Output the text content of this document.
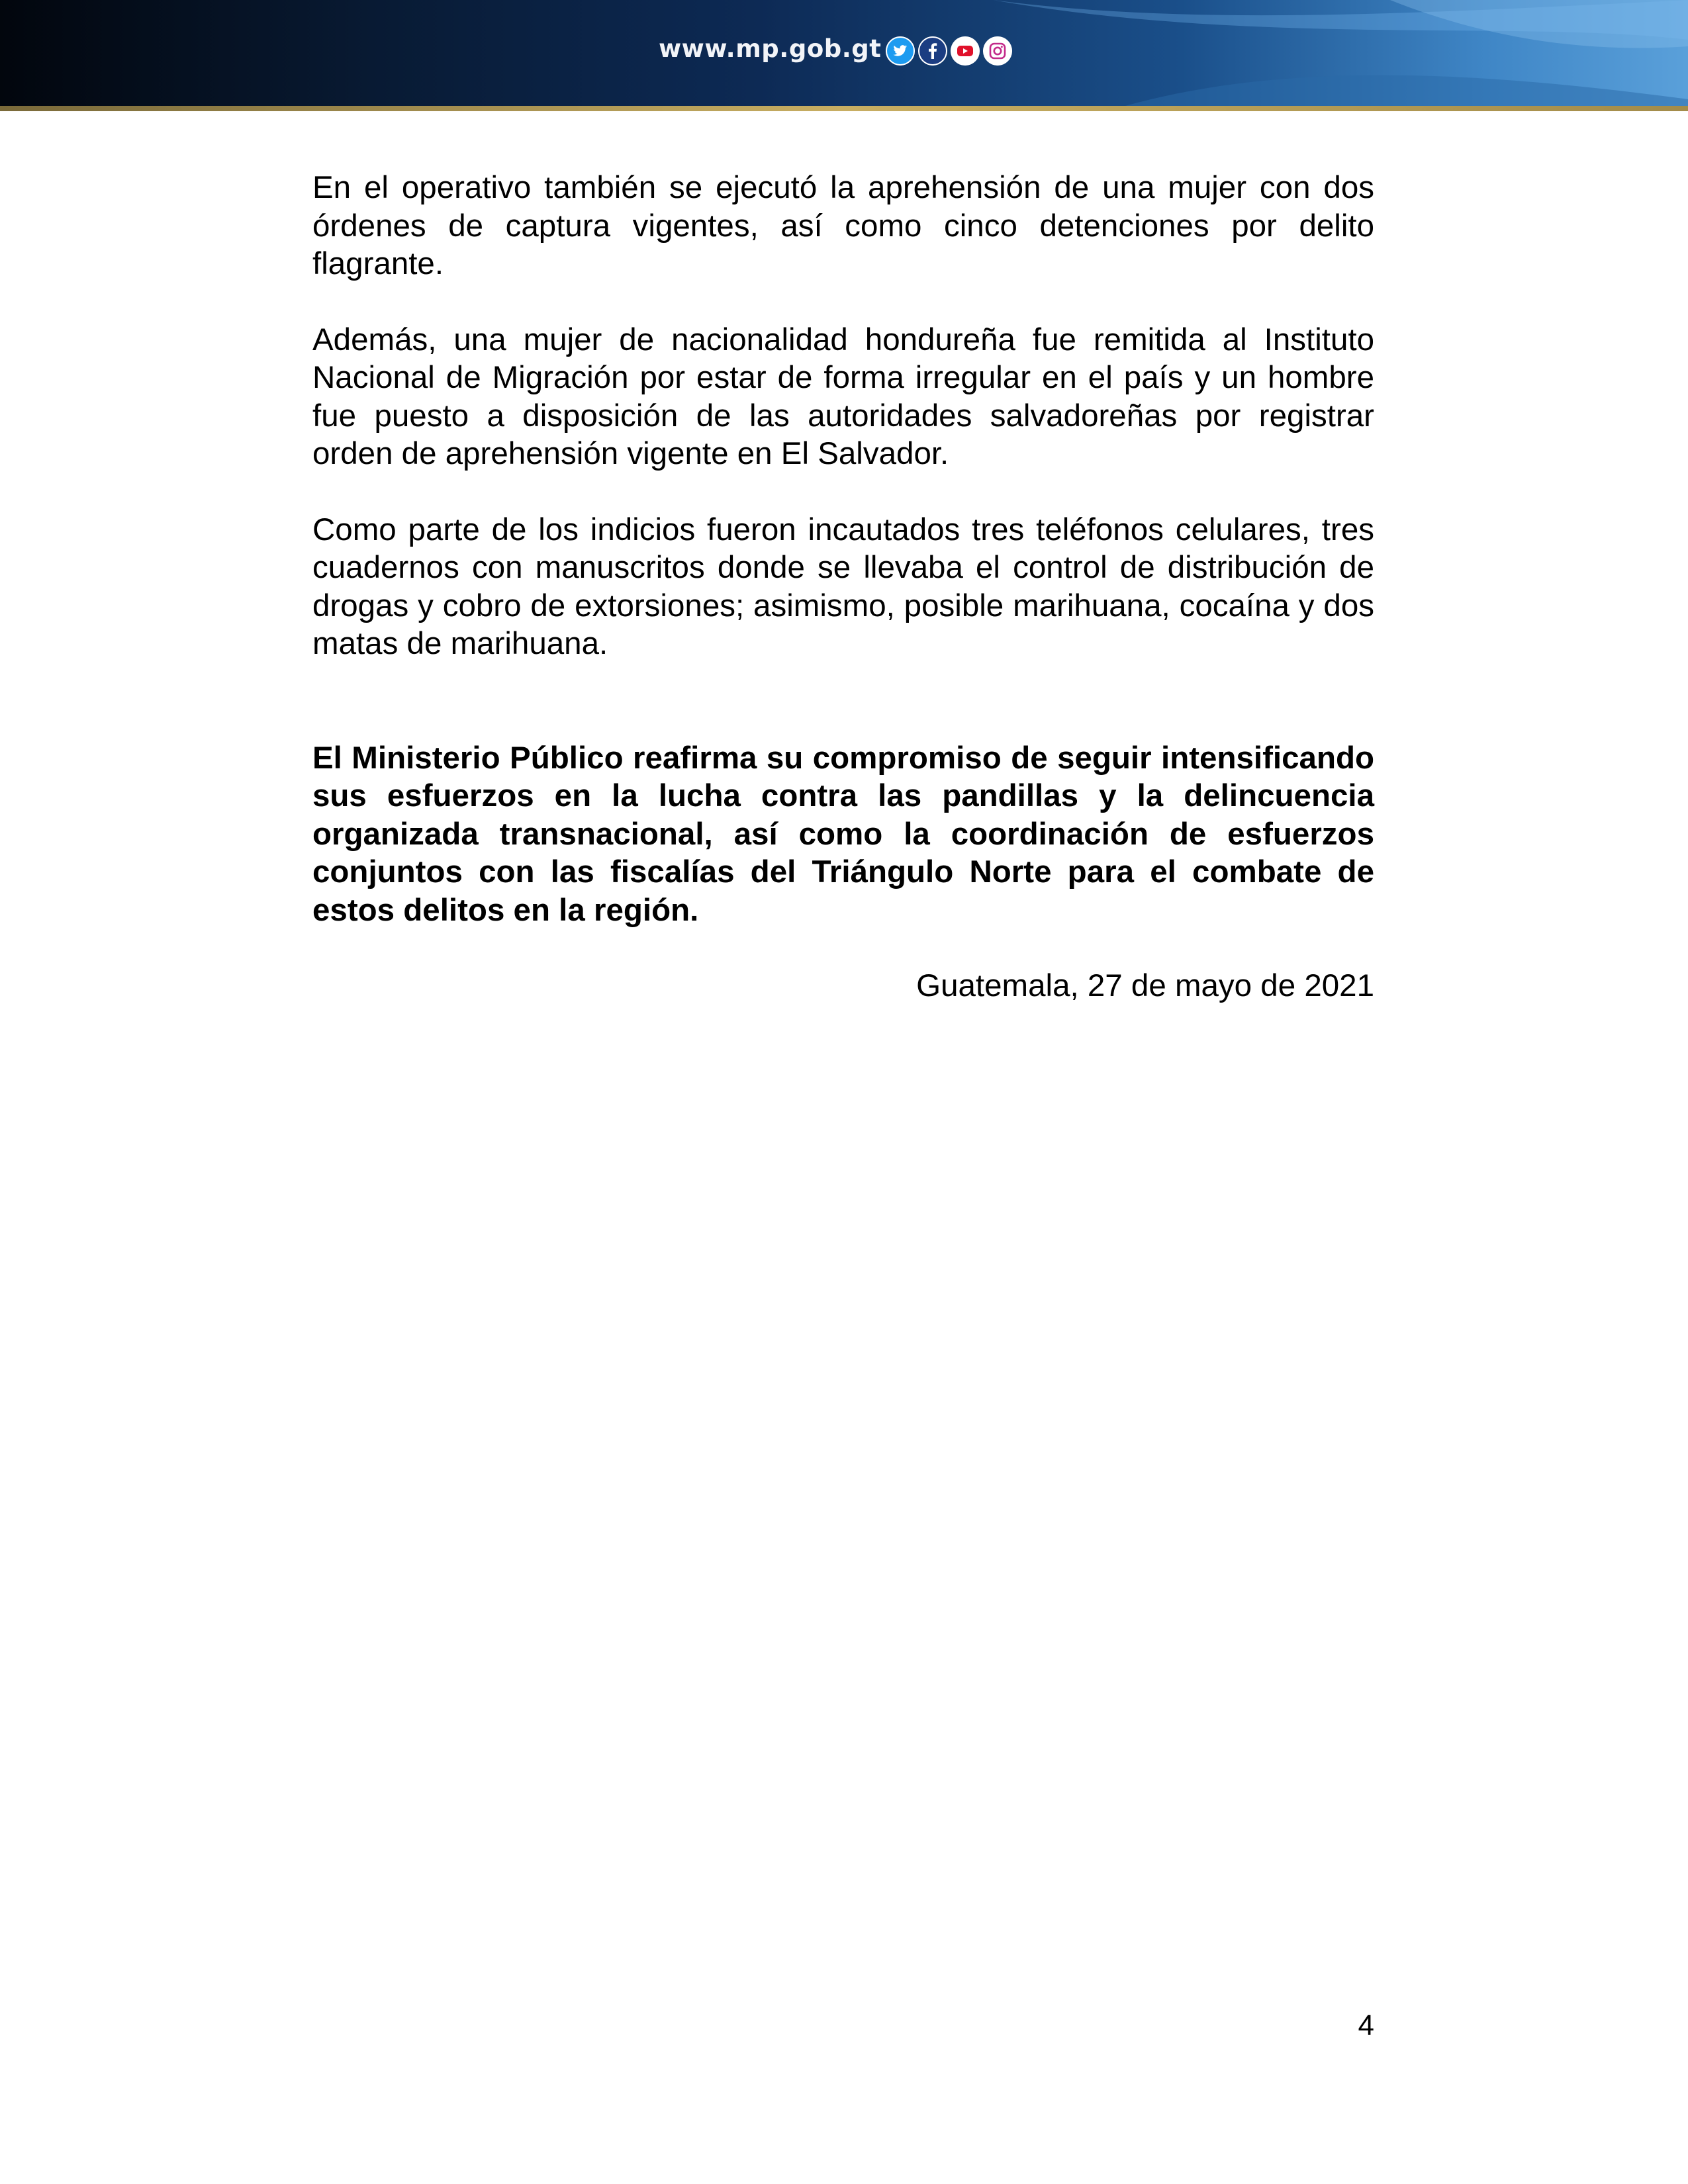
www.mp.gob.gt

En el operativo también se ejecutó la aprehensión de una mujer con dos órdenes de captura vigentes, así como cinco detenciones por delito flagrante.

Además, una mujer de nacionalidad hondureña fue remitida al Instituto Nacional de Migración por estar de forma irregular en el país y un hombre fue puesto a disposición de las autoridades salvadoreñas por registrar orden de aprehensión vigente en El Salvador.

Como parte de los indicios fueron incautados tres teléfonos celulares, tres cuadernos con manuscritos donde se llevaba el control de distribución de drogas y cobro de extorsiones; asimismo, posible marihuana, cocaína y dos matas de marihuana.

El Ministerio Público reafirma su compromiso de seguir intensificando sus esfuerzos en la lucha contra las pandillas y la delincuencia organizada transnacional, así como la coordinación de esfuerzos conjuntos con las fiscalías del Triángulo Norte para el combate de estos delitos en la región.

Guatemala, 27 de mayo de 2021

4
